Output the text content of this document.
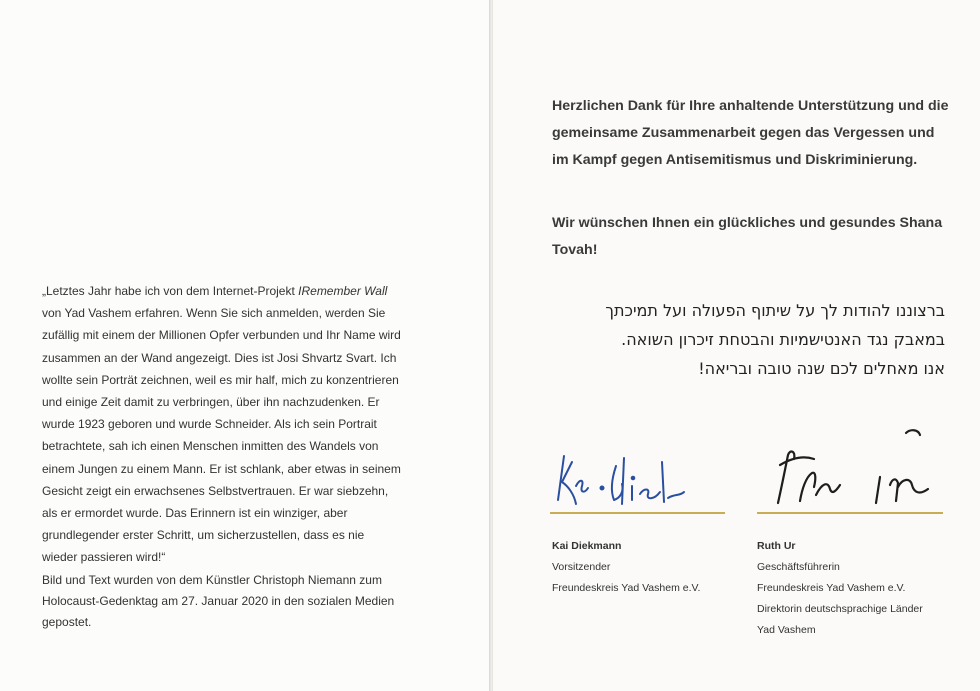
„Letztes Jahr habe ich von dem Internet-Projekt IRemember Wall von Yad Vashem erfahren. Wenn Sie sich anmelden, werden Sie zufällig mit einem der Millionen Opfer verbunden und Ihr Name wird zusammen an der Wand angezeigt. Dies ist Josi Shvartz Svart. Ich wollte sein Porträt zeichnen, weil es mir half, mich zu konzentrieren und einige Zeit damit zu verbringen, über ihn nachzudenken. Er wurde 1923 geboren und wurde Schneider. Als ich sein Portrait betrachtete, sah ich einen Menschen inmitten des Wandels von einem Jungen zu einem Mann. Er ist schlank, aber etwas in seinem Gesicht zeigt ein erwachsenes Selbstvertrauen. Er war siebzehn, als er ermordet wurde. Das Erinnern ist ein winziger, aber grundlegender erster Schritt, um sicherzustellen, dass es nie wieder passieren wird!“

Bild und Text wurden von dem Künstler Christoph Niemann zum Holocaust-Gedenktag am 27. Januar 2020 in den sozialen Medien gepostet.

Herzlichen Dank für Ihre anhaltende Unterstützung und die gemeinsame Zusammenarbeit gegen das Vergessen und im Kampf gegen Antisemitismus und Diskriminierung.

Wir wünschen Ihnen ein glückliches und gesundes Shana Tovah!

ברצוננו להודות לך על שיתוף הפעולה ועל תמיכתך

במאבק נגד האנטישמיות והבטחת זיכרון השואה.

אנו מאחלים לכם שנה טובה ובריאה!

Kai Diekmann
Vorsitzender
Freundeskreis Yad Vashem e.V.
Ruth Ur
Geschäftsführerin
Freundeskreis Yad Vashem e.V.
Direktorin deutschsprachige Länder
Yad Vashem
